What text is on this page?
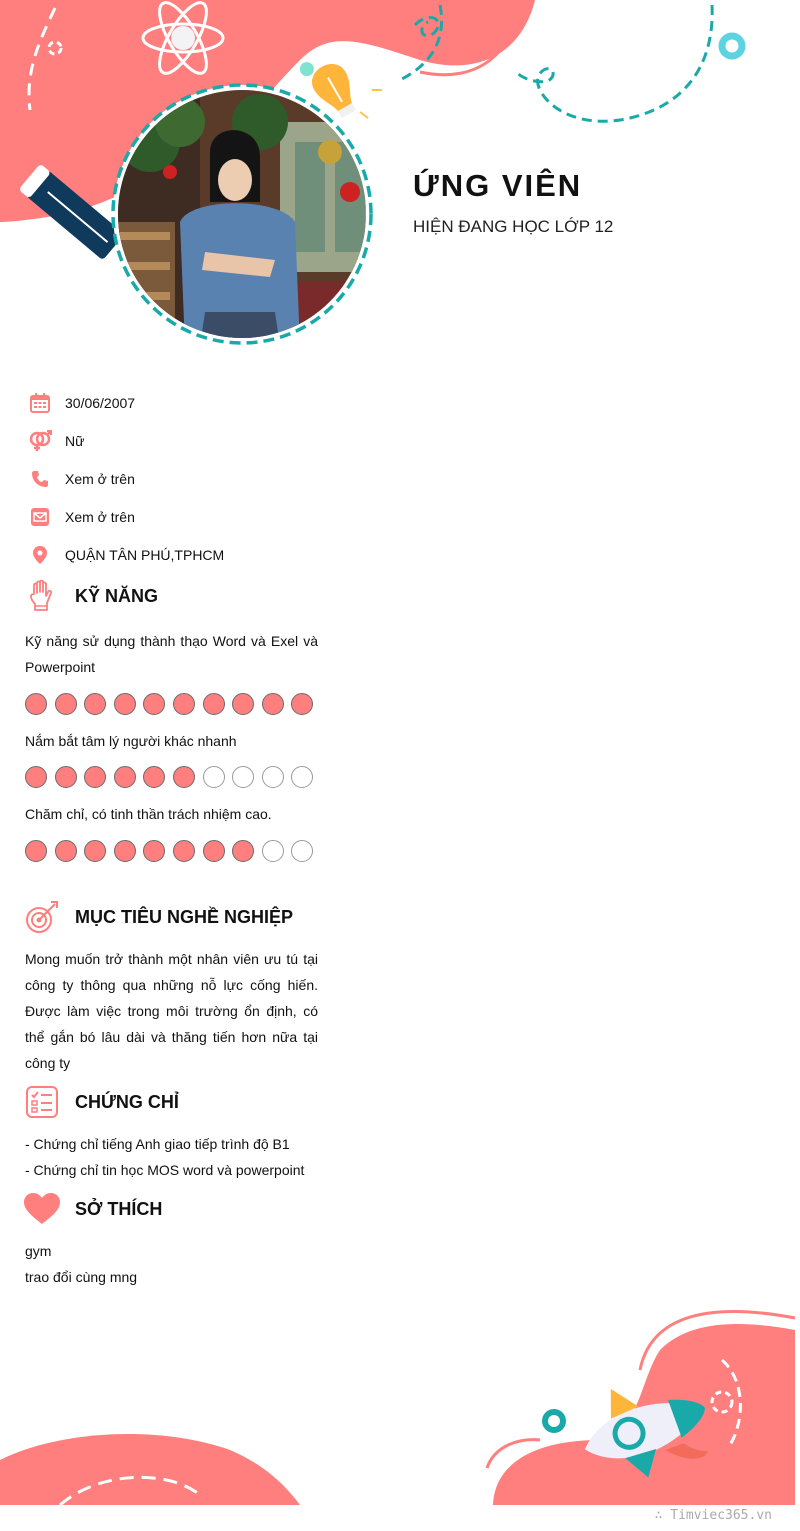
ỨNG VIÊN
HIỆN ĐANG HỌC LỚP 12
30/06/2007
Nữ
Xem ở trên
Xem ở trên
QUẬN TÂN PHÚ,TPHCM
KỸ NĂNG
Kỹ năng sử dụng thành thạo Word và Exel và Powerpoint
Nắm bắt tâm lý người khác nhanh
Chăm chỉ, có tinh thần trách nhiệm cao.
MỤC TIÊU NGHỀ NGHIỆP
Mong muốn trở thành một nhân viên ưu tú tại công ty thông qua những nỗ lực cống hiến. Được làm việc trong môi trường ổn định, có thể gắn bó lâu dài và thăng tiến hơn nữa tại công ty
CHỨNG CHỈ
- Chứng chỉ tiếng Anh giao tiếp trình độ B1
- Chứng chỉ tin học MOS word và powerpoint
SỞ THÍCH
gym
trao đổi cùng mng
∴ Timviec365.vn
